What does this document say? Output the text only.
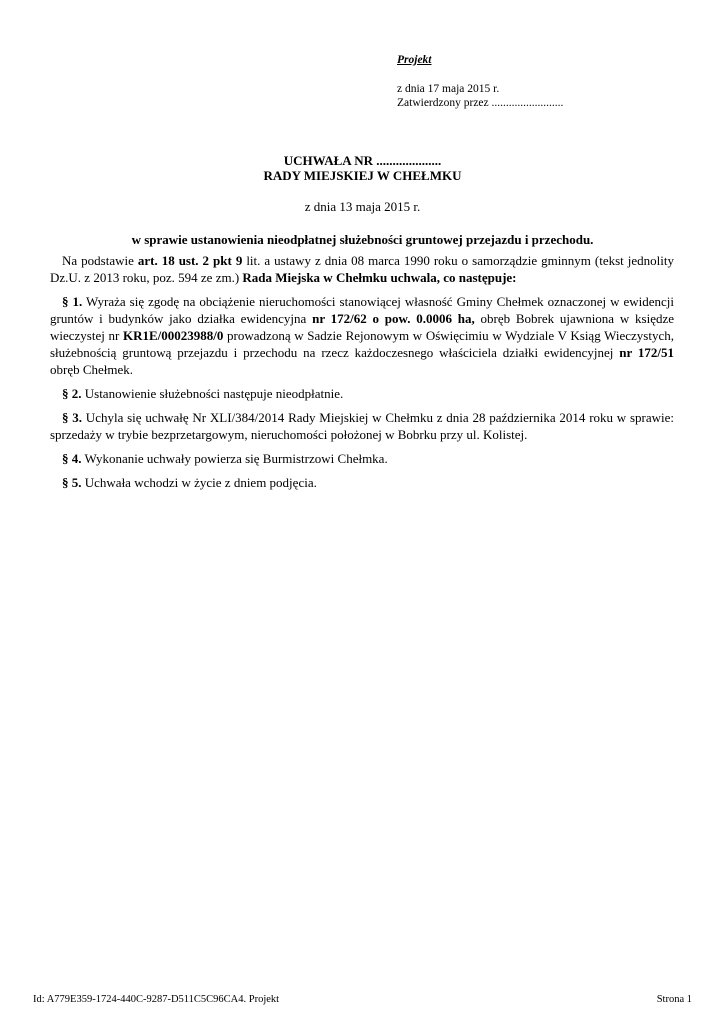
Projekt
z dnia 17 maja 2015 r.
Zatwierdzony przez .........................
UCHWAŁA NR ....................
RADY MIEJSKIEJ W CHEŁMKU
z dnia 13 maja 2015 r.
w sprawie ustanowienia nieodpłatnej służebności gruntowej przejazdu i przechodu.

Na podstawie art. 18 ust. 2 pkt 9 lit. a ustawy z dnia 08 marca 1990 roku o samorządzie gminnym (tekst jednolity Dz.U. z 2013 roku, poz. 594 ze zm.) Rada Miejska w Chełmku uchwala, co następuje:

§ 1. Wyraża się zgodę na obciążenie nieruchomości stanowiącej własność Gminy Chełmek oznaczonej w ewidencji gruntów i budynków jako działka ewidencyjna nr 172/62 o pow. 0.0006 ha, obręb Bobrek ujawniona w księdze wieczystej nr KR1E/00023988/0 prowadzoną w Sadzie Rejonowym w Oświęcimiu w Wydziale V Ksiąg Wieczystych, służebnością gruntową przejazdu i przechodu na rzecz każdoczesnego właściciela działki ewidencyjnej nr 172/51 obręb Chełmek.

§ 2. Ustanowienie służebności następuje nieodpłatnie.

§ 3. Uchyla się uchwałę Nr XLI/384/2014 Rady Miejskiej w Chełmku z dnia 28 października 2014 roku w sprawie: sprzedaży w trybie bezprzetargowym, nieruchomości położonej w Bobrku przy ul. Kolistej.

§ 4. Wykonanie uchwały powierza się Burmistrzowi Chełmka.

§ 5. Uchwała wchodzi w życie z dniem podjęcia.

Id: A779E359-1724-440C-9287-D511C5C96CA4. Projekt	Strona 1
